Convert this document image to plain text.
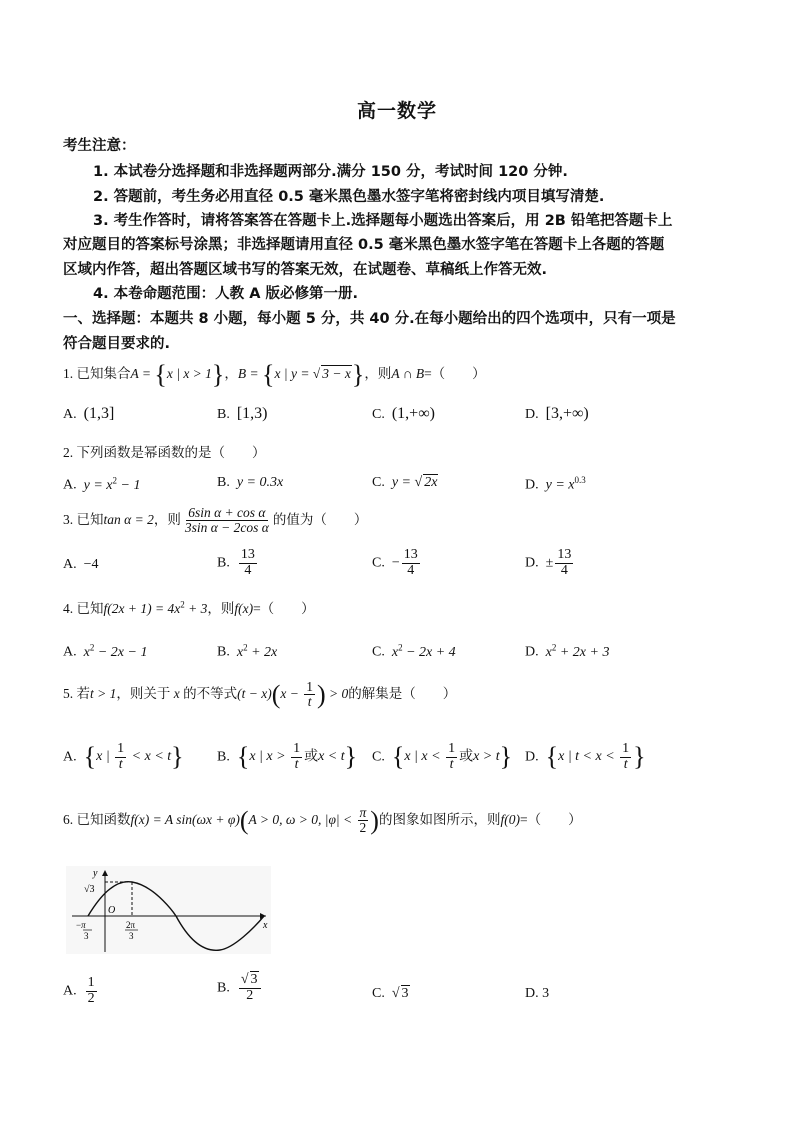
高一数学
考生注意：
1. 本试卷分选择题和非选择题两部分.满分 150 分，考试时间 120 分钟.
2. 答题前，考生务必用直径 0.5 毫米黑色墨水签字笔将密封线内项目填写清楚.
3. 考生作答时，请将答案答在答题卡上.选择题每小题选出答案后，用 2B 铅笔把答题卡上
对应题目的答案标号涂黑；非选择题请用直径 0.5 毫米黑色墨水签字笔在答题卡上各题的答题
区域内作答，超出答题区域书写的答案无效，在试题卷、草稿纸上作答无效.
4. 本卷命题范围：人教 A 版必修第一册.
一、选择题：本题共 8 小题，每小题 5 分，共 40 分.在每小题给出的四个选项中，只有一项是
符合题目要求的.
1. 已知集合A = {x | x > 1}，B = {x | y = √ 3 − x}，则A ∩ B=（　　）
A. (1,3]	B. [1,3)	C. (1,+∞)	D. [3,+∞)
2. 下列函数是幂函数的是（　　）
A. $y = x^2 - 1$	B. y = 0.3x	C. y = √ 2x	D. $y = x^{0.3}$
3. 已知tan α = 2，则 $\frac{\text{6sin α + cos α}}{\text{3sin α − 2cos α}}$ 的值为（　　）
A. −4	B. $\frac{13}{4}$	C. − $\frac{13}{4}$	D. ± $\frac{13}{4}$
4. 已知$f(2x + 1) = 4x^2 + 3$，则f(x)=（　　）
A. $x^2 - 2x - 1$	B. $x^2 + 2x$	C. $x^2 - 2x + 4$	D. $x^2 + 2x + 3$
5. 若t > 1，则关于 x 的不等式$(t - x)(x - \frac{1}{t}$ ) > 0的解集是（　　）
A. {x | $\frac{1}{t} < x < t$} B. {x | $x > \frac{1}{t}$ 或x < t} C. {x | $x < \frac{1}{t}$ 或x > t} D. {x | $t < x < \frac{1}{t}$ }
6. 已知函数f(x) = A sin(ωx + φ)(A > 0, ω > 0, $|\varphi| < \frac{\pi}{2}$ )的图象如图所示，则f(0)=（　　）
y
x
O
√3
−π
3
2π
3
A. $\frac{1}{2}$	B. $\frac{√ 3}{2}$	C.  √ 3	D. 3
